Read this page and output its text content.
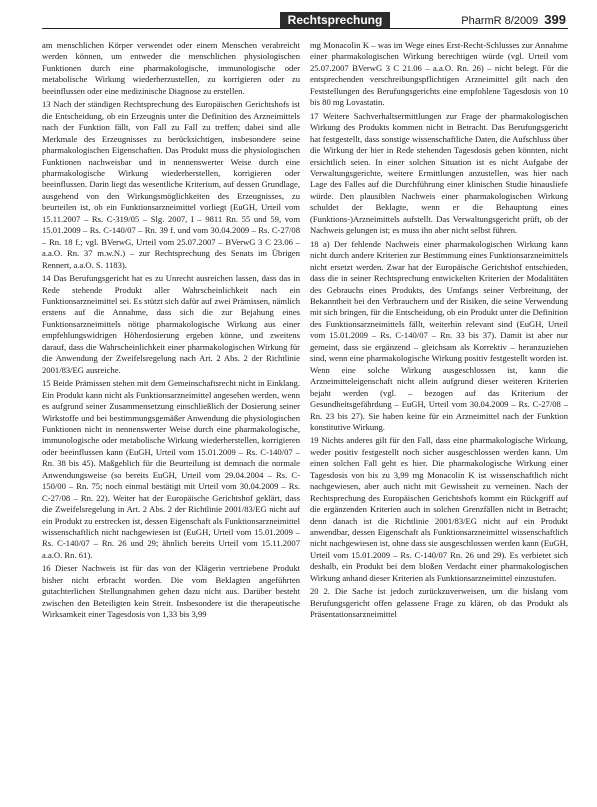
Rechtsprechung	PharmR 8/2009 399

am menschlichen Körper verwendet oder einem Menschen verabreicht werden können, um entweder die menschlichen physiologischen Funktionen durch eine pharmakologische, immunologische oder metabolische Wirkung wiederherzustellen, zu korrigieren oder zu beeinflussen oder eine medizinische Diagnose zu erstellen.

13 Nach der ständigen Rechtsprechung des Europäischen Gerichtshofs ist die Entscheidung, ob ein Erzeugnis unter die Definition des Arzneimittels nach der Funktion fällt, von Fall zu Fall zu treffen; dabei sind alle Merkmale des Erzeugnisses zu berücksichtigen, insbesondere seine pharmakologischen Eigenschaften. Das Produkt muss die physiologischen Funktionen nachweisbar und in nennenswerter Weise durch eine pharmakologische Wirkung wiederherstellen, korrigieren oder beeinflussen. Darin liegt das wesentliche Kriterium, auf dessen Grundlage, ausgehend von den Wirkungsmöglichkeiten des Erzeugnisses, zu beurteilen ist, ob ein Funktionsarzneimittel vorliegt (EuGH, Urteil vom 15.11.2007 – Rs. C-319/05 – Slg. 2007, I – 9811 Rn. 55 und 59, vom 15.01.2009 – Rs. C-140/07 – Rn. 39 f. und vom 30.04.2009 – Rs. C-27/08 – Rn. 18 f.; vgl. BVerwG, Urteil vom 25.07.2007 – BVerwG 3 C 23.06 – a.a.O. Rn. 37 m.w.N.) – zur Rechtsprechung des Senats im Übrigen Rennert, a.a.O. S. 1183).

14 Das Berufungsgericht hat es zu Unrecht ausreichen lassen, dass das in Rede stehende Produkt aller Wahrscheinlichkeit nach ein Funktionsarzneimittel sei. Es stützt sich dafür auf zwei Prämissen, nämlich erstens auf die Annahme, dass sich die zur Bejahung eines Funktionsarzneimittels nötige pharmakologische Wirkung aus einer empfehlungswidrigen Höherdosierung ergeben könne, und zweitens darauf, dass die Wahrscheinlichkeit einer pharmakologischen Wirkung für die Anwendung der Zweifelsregelung nach Art. 2 Abs. 2 der Richtlinie 2001/83/EG ausreiche.

15 Beide Prämissen stehen mit dem Gemeinschaftsrecht nicht in Einklang. Ein Produkt kann nicht als Funktionsarzneimittel angesehen werden, wenn es aufgrund seiner Zusammensetzung einschließlich der Dosierung seiner Wirkstoffe und bei bestimmungsgemäßer Anwendung die physiologischen Funktionen nicht in nennenswerter Weise durch eine pharmakologische, immunologische oder metabolische Wirkung wiederherstellen, korrigieren oder beeinflussen kann (EuGH, Urteil vom 15.01.2009 – Rs. C-140/07 – Rn. 38 bis 45). Maßgeblich für die Beurteilung ist demnach die normale Anwendungsweise (so bereits EuGH, Urteil vom 29.04.2004 – Rs. C-150/00 – Rn. 75; noch einmal bestätigt mit Urteil vom 30.04.2009 – Rs. C-27/08 – Rn. 22). Weiter hat der Europäische Gerichtshof geklärt, dass die Zweifelsregelung in Art. 2 Abs. 2 der Richtlinie 2001/83/EG nicht auf ein Produkt zu erstrecken ist, dessen Eigenschaft als Funktionsarzneimittel wissenschaftlich nicht nachgewiesen ist (EuGH, Urteil vom 15.01.2009 – Rs. C-140/07 – Rn. 26 und 29; ähnlich bereits Urteil vom 15.11.2007 a.a.O. Rn. 61).

16 Dieser Nachweis ist für das von der Klägerin vertriebene Produkt bisher nicht erbracht worden. Die vom Beklagten angeführten gutachterlichen Stellungnahmen gehen dazu nicht aus. Darüber besteht zwischen den Beteiligten kein Streit. Insbesondere ist die therapeutische Wirksamkeit einer Tagesdosis von 1,33 bis 3,99

mg Monacolin K – was im Wege eines Erst-Recht-Schlusses zur Annahme einer pharmakologischen Wirkung berechtigen würde (vgl. Urteil vom 25.07.2007 BVerwG 3 C 21.06 – a.a.O. Rn. 26) – nicht belegt. Für die entsprechenden verschreibungspflichtigen Arzneimittel gilt nach den Feststellungen des Berufungsgerichts eine empfohlene Tagesdosis von 10 bis 80 mg Lovastatin.

17 Weitere Sachverhaltsermittlungen zur Frage der pharmakologischen Wirkung des Produkts kommen nicht in Betracht. Das Berufungsgericht hat festgestellt, dass sonstige wissenschaftliche Daten, die Aufschluss über die Wirkung der hier in Rede stehenden Tagesdosis geben könnten, nicht ersichtlich seien. In einer solchen Situation ist es nicht Aufgabe der Verwaltungsgerichte, weitere Ermittlungen anzustellen, was hier nach Lage des Falles auf die Durchführung einer klinischen Studie hinausliefe würde. Den plausiblen Nachweis einer pharmakologischen Wirkung schuldet der Beklagte, wenn er die Behauptung eines (Funktions-)Arzneimittels aufstellt. Das Verwaltungsgericht prüft, ob der Nachweis gelungen ist; es muss ihn aber nicht selbst führen.

18 a) Der fehlende Nachweis einer pharmakologischen Wirkung kann nicht durch andere Kriterien zur Bestimmung eines Funktionsarzneimittels nicht ersetzt werden. Zwar hat der Europäische Gerichtshof entschieden, dass die in seiner Rechtsprechung entwickelten Kriterien der Modalitäten des Gebrauchs eines Produkts, des Umfangs seiner Verbreitung, der Bekanntheit bei den Verbrauchern und der Risiken, die seine Verwendung mit sich bringen, für die Entscheidung, ob ein Produkt unter die Definition des Funktionsarzneimittels fällt, weiterhin relevant sind (EuGH, Urteil vom 15.01.2009 – Rs. C-140/07 – Rn. 33 bis 37). Damit ist aber nur gemeint, dass sie ergänzend – gleichsam als Korrektiv – heranzuziehen sind, wenn eine pharmakologische Wirkung positiv festgestellt worden ist. Wenn eine solche Wirkung ausgeschlossen ist, kann die Arzneimitteleigenschaft nicht allein aufgrund dieser weiteren Kriterien bejaht werden (vgl. – bezogen auf das Kriterium der Gesundheitsgefährdung – EuGH, Urteil vom 30.04.2009 – Rs. C-27/08 – Rn. 23 bis 27). Sie haben keine für ein Arzneimittel nach der Funktion konstitutive Wirkung.

19 Nichts anderes gilt für den Fall, dass eine pharmakologische Wirkung, weder positiv festgestellt noch sicher ausgeschlossen werden kann. Um einen solchen Fall geht es hier. Die pharmakologische Wirkung einer Tagesdosis von bis zu 3,99 mg Monacolin K ist wissenschaftlich nicht nachgewiesen, aber auch nicht mit Gewissheit zu verneinen. Nach der Rechtsprechung des Europäischen Gerichtshofs kommt ein Rückgriff auf die ergänzenden Kriterien auch in solchen Grenzfällen nicht in Betracht; denn danach ist die Richtlinie 2001/83/EG nicht auf ein Produkt anwendbar, dessen Eigenschaft als Funktionsarzneimittel wissenschaftlich nicht nachgewiesen ist, ohne dass sie ausgeschlossen werden kann (EuGH, Urteil vom 15.01.2009 – Rs. C-140/07 Rn. 26 und 29). Es verbietet sich deshalb, ein Produkt bei dem bloßen Verdacht einer pharmakologischen Wirkung anhand dieser Kriterien als Funktionsarzneimittel einzustufen.

20 2. Die Sache ist jedoch zurückzuverweisen, um die bislang vom Berufungsgericht offen gelassene Frage zu klären, ob das Produkt als Präsentationsarzneimittel
